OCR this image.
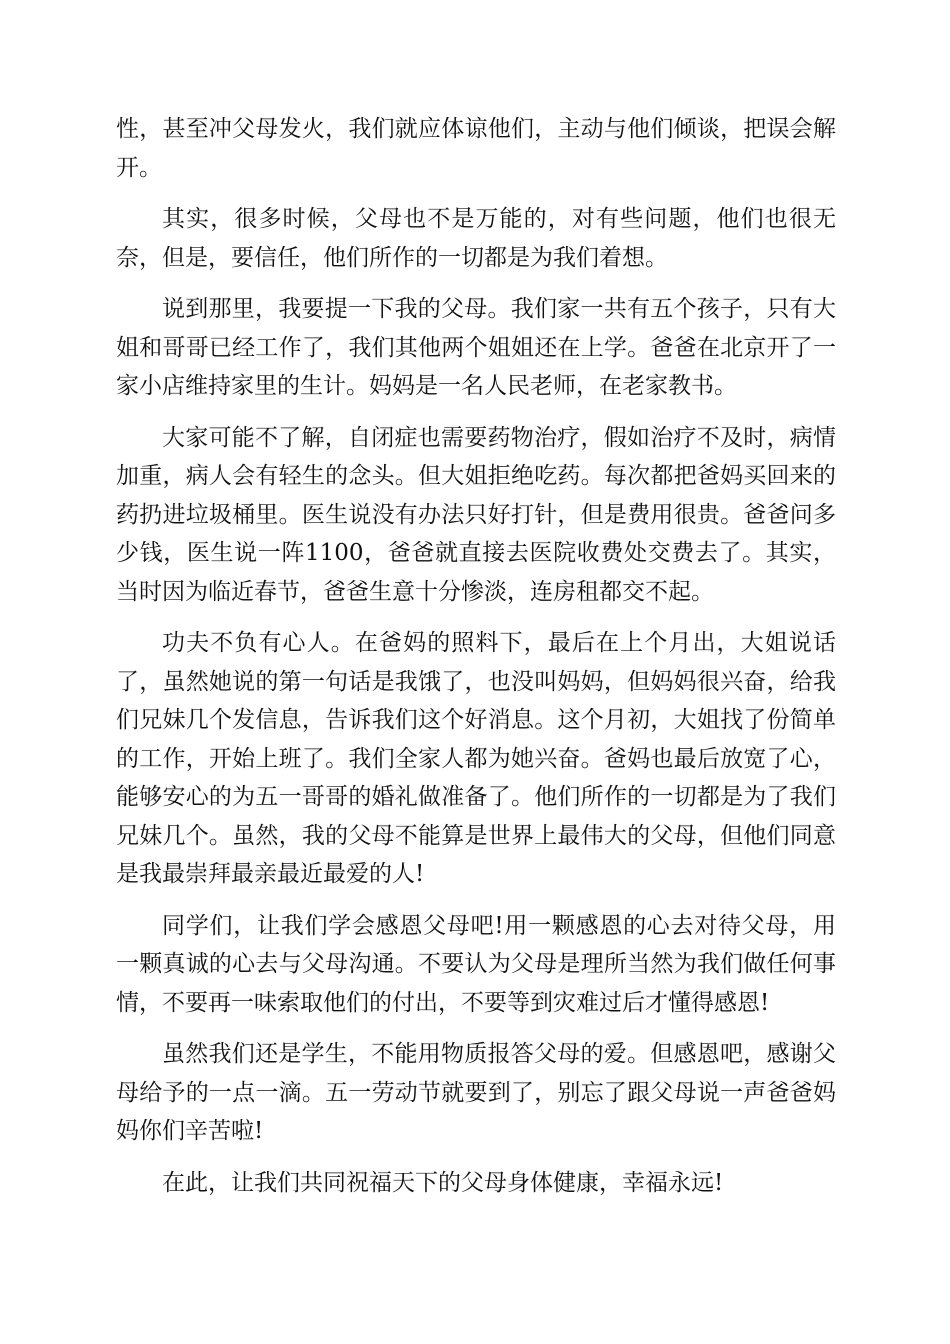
性，甚至冲父母发火，我们就应体谅他们，主动与他们倾谈，把误会解开。

其实，很多时候，父母也不是万能的，对有些问题，他们也很无奈，但是，要信任，他们所作的一切都是为我们着想。

说到那里，我要提一下我的父母。我们家一共有五个孩子，只有大姐和哥哥已经工作了，我们其他两个姐姐还在上学。爸爸在北京开了一家小店维持家里的生计。妈妈是一名人民老师，在老家教书。

大家可能不了解，自闭症也需要药物治疗，假如治疗不及时，病情加重，病人会有轻生的念头。但大姐拒绝吃药。每次都把爸妈买回来的药扔进垃圾桶里。医生说没有办法只好打针，但是费用很贵。爸爸问多少钱，医生说一阵1100，爸爸就直接去医院收费处交费去了。其实，当时因为临近春节，爸爸生意十分惨淡，连房租都交不起。

功夫不负有心人。在爸妈的照料下，最后在上个月出，大姐说话了，虽然她说的第一句话是我饿了，也没叫妈妈，但妈妈很兴奋，给我们兄妹几个发信息，告诉我们这个好消息。这个月初，大姐找了份简单的工作，开始上班了。我们全家人都为她兴奋。爸妈也最后放宽了心，能够安心的为五一哥哥的婚礼做准备了。他们所作的一切都是为了我们兄妹几个。虽然，我的父母不能算是世界上最伟大的父母，但他们同意是我最崇拜最亲最近最爱的人!

同学们，让我们学会感恩父母吧!用一颗感恩的心去对待父母，用一颗真诚的心去与父母沟通。不要认为父母是理所当然为我们做任何事情，不要再一味索取他们的付出，不要等到灾难过后才懂得感恩!

虽然我们还是学生，不能用物质报答父母的爱。但感恩吧，感谢父母给予的一点一滴。五一劳动节就要到了，别忘了跟父母说一声爸爸妈妈你们辛苦啦!

在此，让我们共同祝福天下的父母身体健康，幸福永远!
